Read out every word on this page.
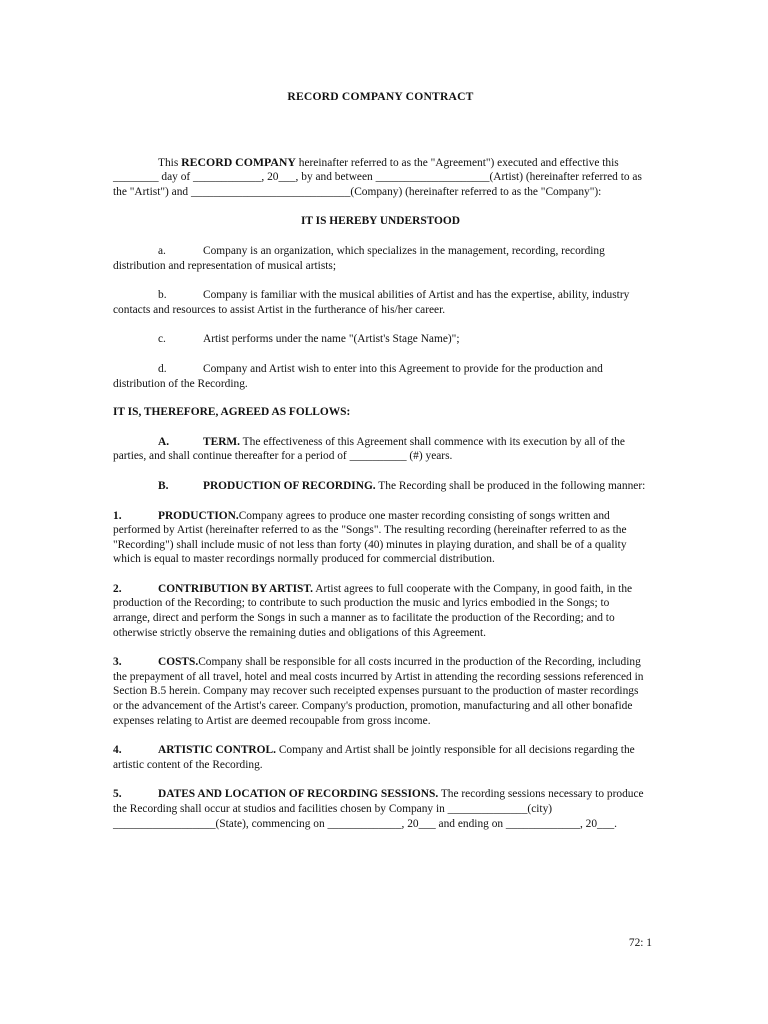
RECORD COMPANY CONTRACT

This RECORD COMPANY hereinafter referred to as the "Agreement") executed and effective this ________ day of ____________, 20___, by and between ____________________(Artist) (hereinafter referred to as the "Artist") and ____________________________(Company) (hereinafter referred to as the "Company"):

IT IS HEREBY UNDERSTOOD

a.	Company is an organization, which specializes in the management, recording, recording distribution and representation of musical artists;

b.	Company is familiar with the musical abilities of Artist and has the expertise, ability, industry contacts and resources to assist Artist in the furtherance of his/her career.

c.	Artist performs under the name "(Artist's Stage Name)";

d.	Company and Artist wish to enter into this Agreement to provide for the production and distribution of the Recording.

IT IS, THEREFORE, AGREED AS FOLLOWS:

A.	TERM. The effectiveness of this Agreement shall commence with its execution by all of the parties, and shall continue thereafter for a period of __________ (#) years.

B.	PRODUCTION OF RECORDING. The Recording shall be produced in the following manner:

1.	PRODUCTION.Company agrees to produce one master recording consisting of songs written and performed by Artist (hereinafter referred to as the "Songs". The resulting recording (hereinafter referred to as the "Recording") shall include music of not less than forty (40) minutes in playing duration, and shall be of a quality which is equal to master recordings normally produced for commercial distribution.

2.	CONTRIBUTION BY ARTIST. Artist agrees to full cooperate with the Company, in good faith, in the production of the Recording; to contribute to such production the music and lyrics embodied in the Songs; to arrange, direct and perform the Songs in such a manner as to facilitate the production of the Recording; and to otherwise strictly observe the remaining duties and obligations of this Agreement.

3.	COSTS.Company shall be responsible for all costs incurred in the production of the Recording, including the prepayment of all travel, hotel and meal costs incurred by Artist in attending the recording sessions referenced in Section B.5 herein. Company may recover such receipted expenses pursuant to the production of master recordings or the advancement of the Artist's career. Company's production, promotion, manufacturing and all other bonafide expenses relating to Artist are deemed recoupable from gross income.

4.	ARTISTIC CONTROL. Company and Artist shall be jointly responsible for all decisions regarding the artistic content of the Recording.

5.	DATES AND LOCATION OF RECORDING SESSIONS. The recording sessions necessary to produce the Recording shall occur at studios and facilities chosen by Company in ______________(city) __________________(State), commencing on _____________, 20___ and ending on _____________, 20___.

72: 1
